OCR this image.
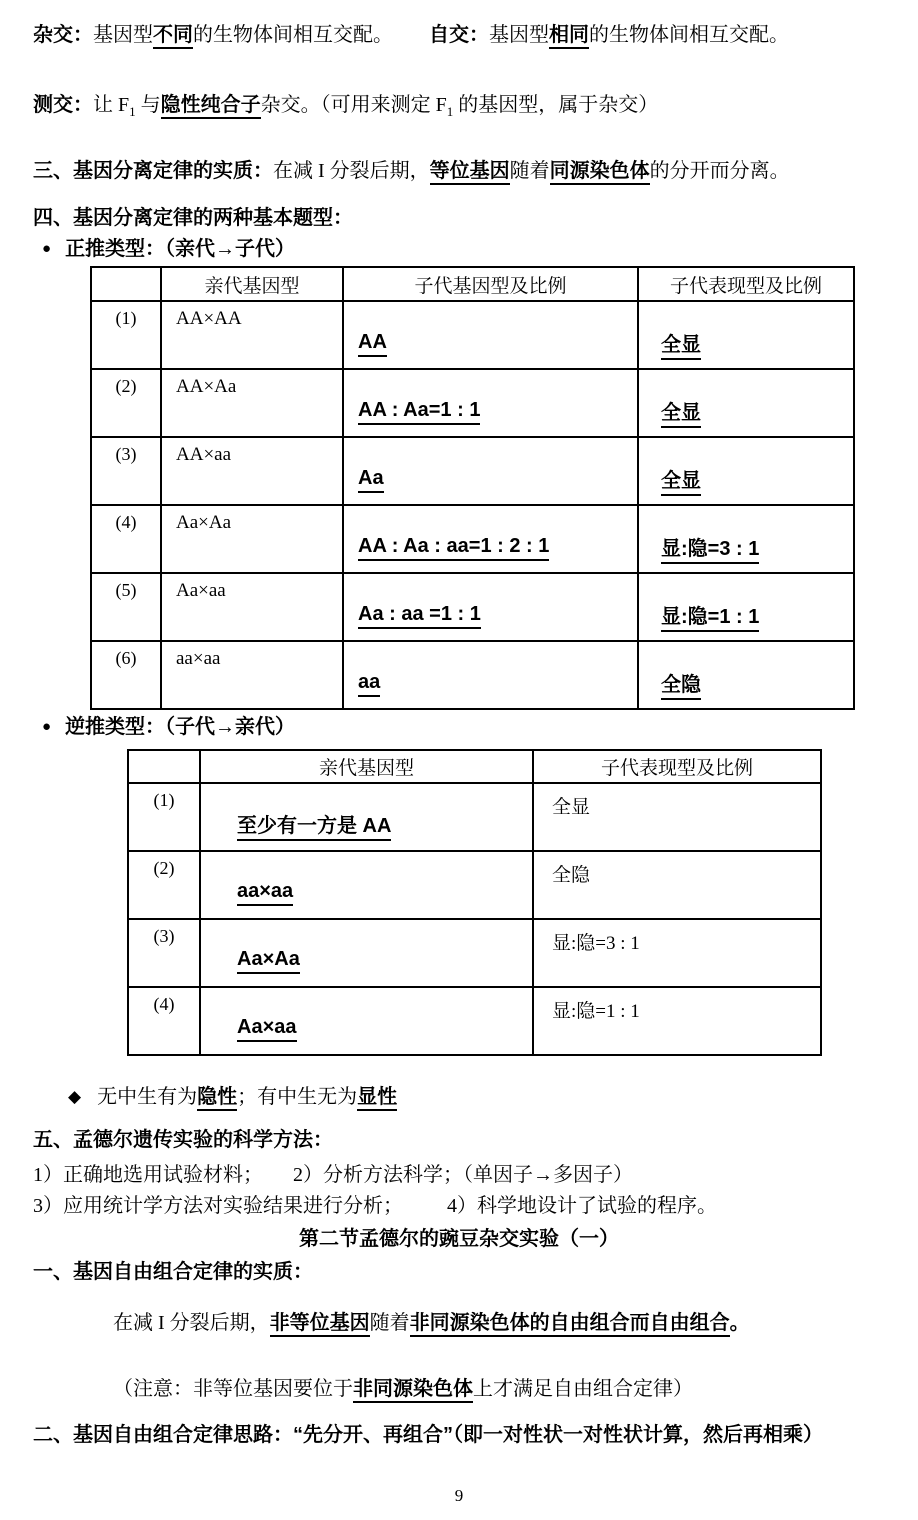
杂交：基因型不同的生物体间相互交配。 自交：基因型相同的生物体间相互交配。

测交：让 $F_1$ 与隐性纯合子杂交。（可用来测定 $F_1$ 的基因型，属于杂交）

三、基因分离定律的实质：在减 I 分裂后期，等位基因随着同源染色体的分开而分离。

四、基因分离定律的两种基本题型：

● 正推类型：（亲代→子代）

	亲代基因型	子代基因型及比例	子代表现型及比例
(1)	AA×AA	AA	全显
(2)	AA×Aa	AA : Aa=1 : 1	全显
(3)	AA×aa	Aa	全显
(4)	Aa×Aa	AA : Aa : aa=1 : 2 : 1	显:隐=3 : 1
(5)	Aa×aa	Aa : aa =1 : 1	显:隐=1 : 1
(6)	aa×aa	aa	全隐

● 逆推类型：（子代→亲代）

	亲代基因型	子代表现型及比例
(1)	至少有一方是 AA	全显
(2)	aa×aa	全隐
(3)	Aa×Aa	显:隐=3 : 1
(4)	Aa×aa	显:隐=1 : 1

◆ 无中生有为隐性；有中生无为显性

五、孟德尔遗传实验的科学方法：

1）正确地选用试验材料； 2）分析方法科学；（单因子→多因子）

3）应用统计学方法对实验结果进行分析； 4）科学地设计了试验的程序。

第二节孟德尔的豌豆杂交实验（一）

一、基因自由组合定律的实质：

在减 I 分裂后期，非等位基因随着非同源染色体的自由组合而自由组合。

（注意：非等位基因要位于非同源染色体上才满足自由组合定律）

二、基因自由组合定律思路：“先分开、再组合”（即一对性状一对性状计算，然后再相乘）

9
